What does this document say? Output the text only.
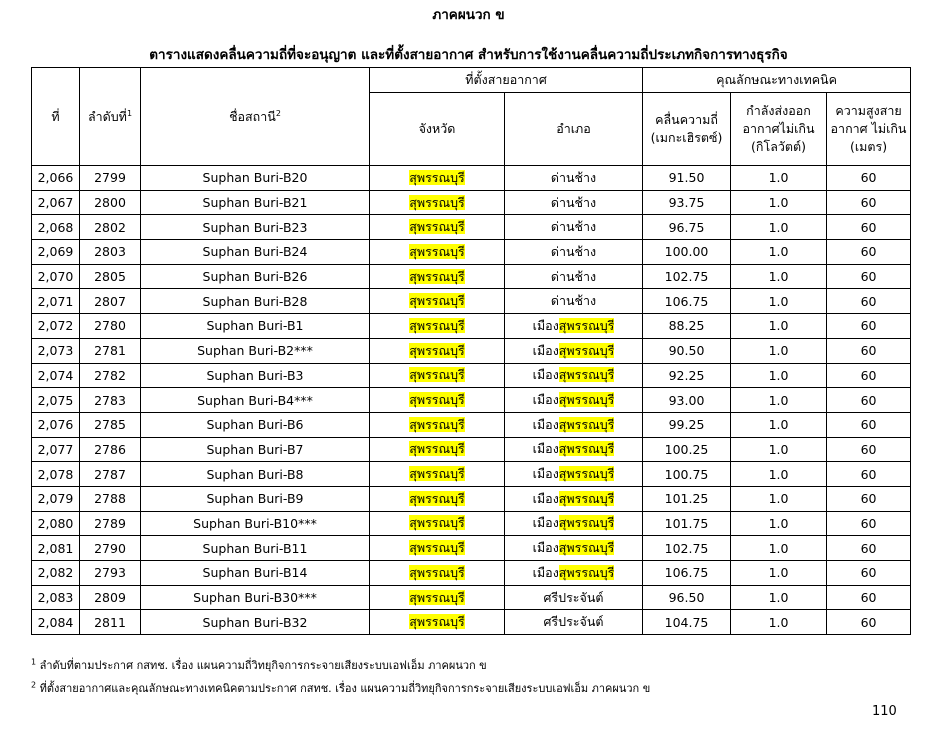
ภาคผนวก ข
ตารางแสดงคลื่นความถี่ที่จะอนุญาต และที่ตั้งสายอากาศ สำหรับการใช้งานคลื่นความถี่ประเภทกิจการทางธุรกิจ
ที่	ลำดับที่$^1$	ชื่อสถานี$^2$	ที่ตั้งสายอากาศ		คุณลักษณะทางเทคนิค		
			จังหวัด	อำเภอ	คลื่นความถี่ (เมกะเฮิรตซ์)	กำลังส่งออกอากาศไม่เกิน (กิโลวัตต์)	ความสูงสายอากาศ ไม่เกิน (เมตร)
2,066	2799	Suphan Buri-B20	สุพรรณบุรี	ด่านช้าง	91.50	1.0	60
2,067	2800	Suphan Buri-B21	สุพรรณบุรี	ด่านช้าง	93.75	1.0	60
2,068	2802	Suphan Buri-B23	สุพรรณบุรี	ด่านช้าง	96.75	1.0	60
2,069	2803	Suphan Buri-B24	สุพรรณบุรี	ด่านช้าง	100.00	1.0	60
2,070	2805	Suphan Buri-B26	สุพรรณบุรี	ด่านช้าง	102.75	1.0	60
2,071	2807	Suphan Buri-B28	สุพรรณบุรี	ด่านช้าง	106.75	1.0	60
2,072	2780	Suphan Buri-B1	สุพรรณบุรี	เมืองสุพรรณบุรี	88.25	1.0	60
2,073	2781	Suphan Buri-B2***	สุพรรณบุรี	เมืองสุพรรณบุรี	90.50	1.0	60
2,074	2782	Suphan Buri-B3	สุพรรณบุรี	เมืองสุพรรณบุรี	92.25	1.0	60
2,075	2783	Suphan Buri-B4***	สุพรรณบุรี	เมืองสุพรรณบุรี	93.00	1.0	60
2,076	2785	Suphan Buri-B6	สุพรรณบุรี	เมืองสุพรรณบุรี	99.25	1.0	60
2,077	2786	Suphan Buri-B7	สุพรรณบุรี	เมืองสุพรรณบุรี	100.25	1.0	60
2,078	2787	Suphan Buri-B8	สุพรรณบุรี	เมืองสุพรรณบุรี	100.75	1.0	60
2,079	2788	Suphan Buri-B9	สุพรรณบุรี	เมืองสุพรรณบุรี	101.25	1.0	60
2,080	2789	Suphan Buri-B10***	สุพรรณบุรี	เมืองสุพรรณบุรี	101.75	1.0	60
2,081	2790	Suphan Buri-B11	สุพรรณบุรี	เมืองสุพรรณบุรี	102.75	1.0	60
2,082	2793	Suphan Buri-B14	สุพรรณบุรี	เมืองสุพรรณบุรี	106.75	1.0	60
2,083	2809	Suphan Buri-B30***	สุพรรณบุรี	ศรีประจันต์	96.50	1.0	60
2,084	2811	Suphan Buri-B32	สุพรรณบุรี	ศรีประจันต์	104.75	1.0	60
$^1$ ลำดับที่ตามประกาศ กสทช. เรื่อง แผนความถี่วิทยุกิจการกระจายเสียงระบบเอฟเอ็ม ภาคผนวก ข
$^2$ ที่ตั้งสายอากาศและคุณลักษณะทางเทคนิคตามประกาศ กสทช. เรื่อง แผนความถี่วิทยุกิจการกระจายเสียงระบบเอฟเอ็ม ภาคผนวก ข
110
